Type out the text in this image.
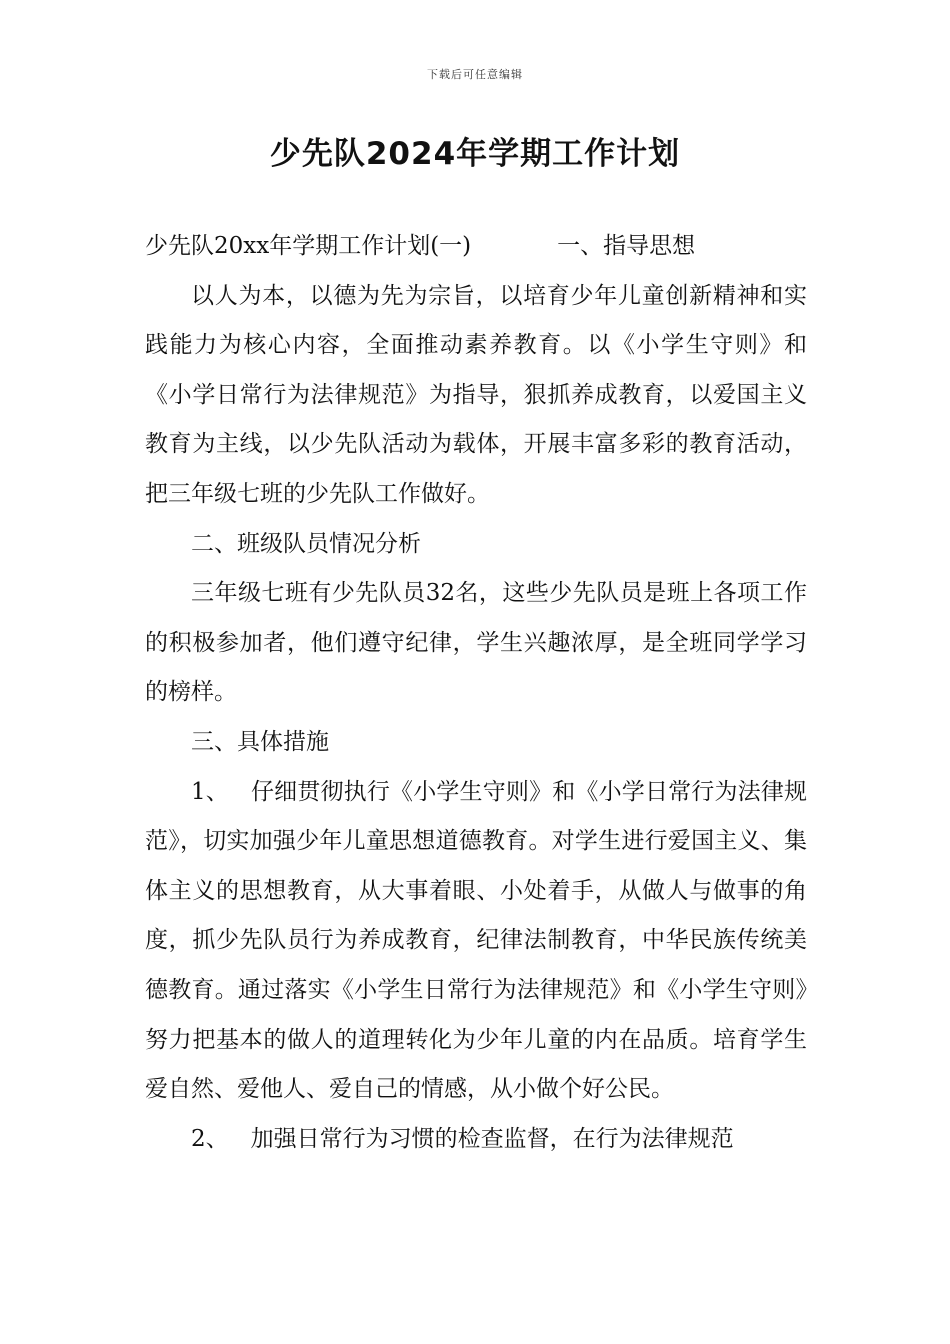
下载后可任意编辑
少先队2024年学期工作计划

少先队20xx年学期工作计划(一)	一、指导思想

以人为本，以德为先为宗旨，以培育少年儿童创新精神和实践能力为核心内容，全面推动素养教育。以《小学生守则》和《小学日常行为法律规范》为指导，狠抓养成教育，以爱国主义教育为主线，以少先队活动为载体，开展丰富多彩的教育活动，把三年级七班的少先队工作做好。

二、班级队员情况分析

三年级七班有少先队员32名，这些少先队员是班上各项工作的积极参加者，他们遵守纪律，学生兴趣浓厚，是全班同学学习的榜样。

三、具体措施

1、 仔细贯彻执行《小学生守则》和《小学日常行为法律规范》，切实加强少年儿童思想道德教育。对学生进行爱国主义、集体主义的思想教育，从大事着眼、小处着手，从做人与做事的角度，抓少先队员行为养成教育，纪律法制教育，中华民族传统美德教育。通过落实《小学生日常行为法律规范》和《小学生守则》努力把基本的做人的道理转化为少年儿童的内在品质。培育学生爱自然、爱他人、爱自己的情感，从小做个好公民。

2、 加强日常行为习惯的检查监督，在行为法律规范
